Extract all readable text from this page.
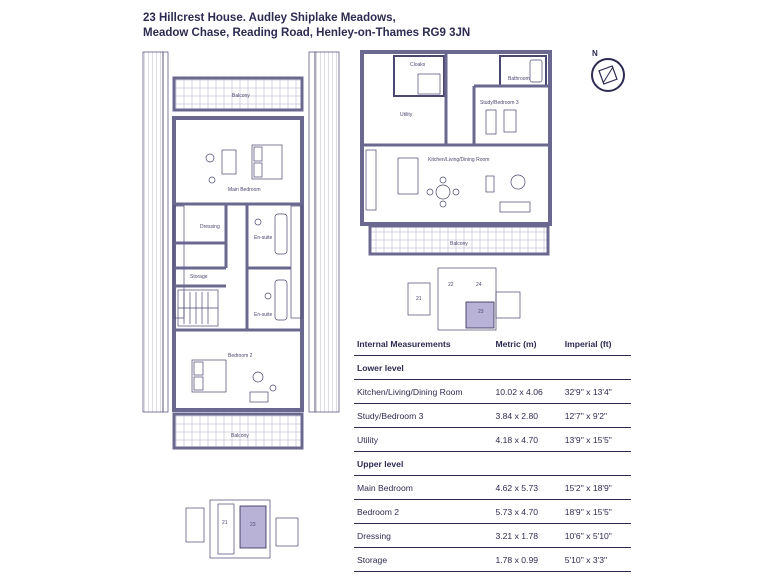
23 Hillcrest House. Audley Shiplake Meadows,
Meadow Chase, Reading Road, Henley-on-Thames RG9 3JN
Balcony
Main Bedroom
Dressing
En-suite
Storage
En-suite
Bedroom 2
Balcony
Cloaks
Bathroom
Utility
Study/Bedroom 3
Kitchen/Living/Dining Room
Balcony
N
23
21
22	24
23
21
Internal Measurements	Metric (m)	Imperial (ft)
Lower level
Kitchen/Living/Dining Room	10.02 x 4.06	32'9" x 13'4"
Study/Bedroom 3	3.84 x 2.80	12'7" x 9'2"
Utility	4.18 x 4.70	13'9" x 15'5"
Upper level
Main Bedroom	4.62 x 5.73	15'2" x 18'9"
Bedroom 2	5.73 x 4.70	18'9" x 15'5"
Dressing	3.21 x 1.78	10'6" x 5'10"
Storage	1.78 x 0.99	5'10" x 3'3"
